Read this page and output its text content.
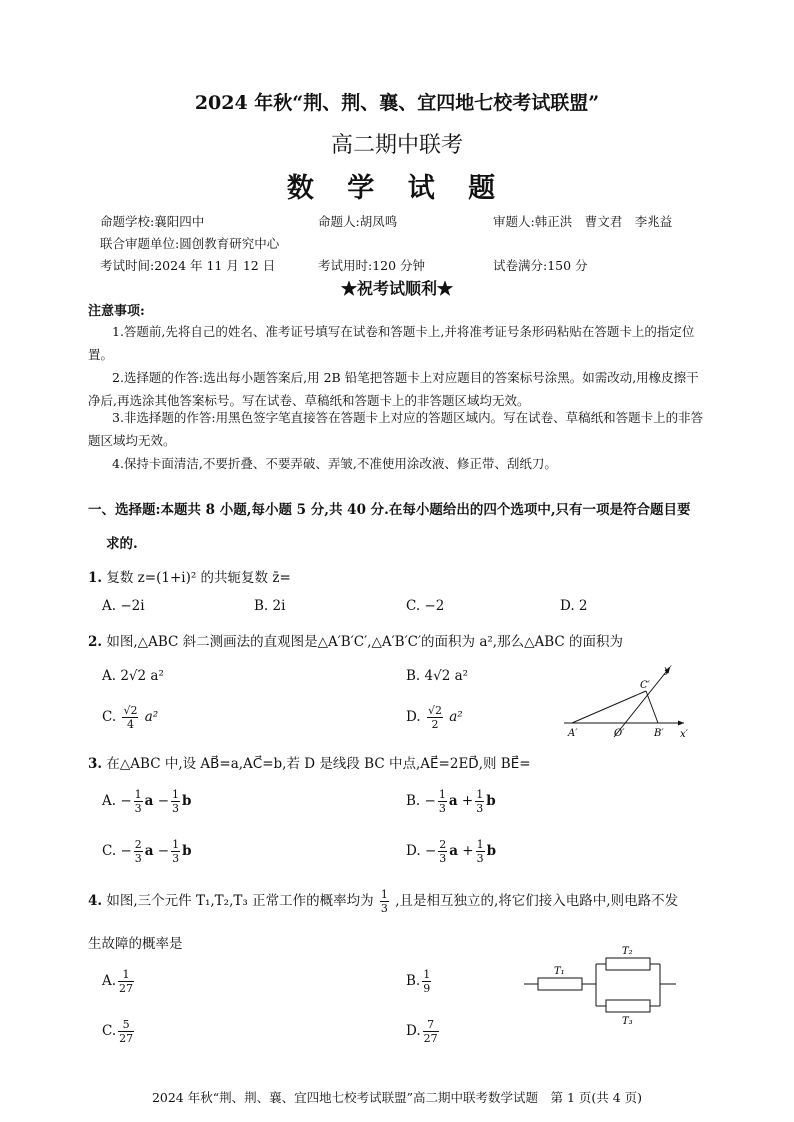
2024 年秋“荆、荆、襄、宜四地七校考试联盟”
高二期中联考
数 学 试 题
命题学校:襄阳四中	命题人:胡凤鸣	审题人:韩正洪　曹文君　李兆益
联合审题单位:圆创教育研究中心
考试时间:2024 年 11 月 12 日	考试用时:120 分钟	试卷满分:150 分
★祝考试顺利★
注意事项:
1.答题前,先将自己的姓名、准考证号填写在试卷和答题卡上,并将准考证号条形码粘贴在答题卡上的指定位置。
2.选择题的作答:选出每小题答案后,用 2B 铅笔把答题卡上对应题目的答案标号涂黑。如需改动,用橡皮擦干净后,再选涂其他答案标号。写在试卷、草稿纸和答题卡上的非答题区域均无效。
3.非选择题的作答:用黑色签字笔直接答在答题卡上对应的答题区域内。写在试卷、草稿纸和答题卡上的非答题区域均无效。
4.保持卡面清洁,不要折叠、不要弄破、弄皱,不准使用涂改液、修正带、刮纸刀。
一、选择题:本题共 8 小题,每小题 5 分,共 40 分.在每小题给出的四个选项中,只有一项是符合题目要
求的.
1. 复数 z=(1+i)² 的共轭复数 z̄=
A. −2i	B. 2i	C. −2	D. 2
2. 如图,△ABC 斜二测画法的直观图是△A′B′C′,△A′B′C′的面积为 a²,那么△ABC 的面积为
A. 2√2 a²	B. 4√2 a²
C. $\frac{√2}{4} a^2$	D. $\frac{√2}{2} a^2$
y′
x′
A′	O′	B′
C′
3. 在△ABC 中,设 AB⃗=a,AC⃗=b,若 D 是线段 BC 中点,AE⃗=2ED⃗,则 BE⃗=
A. − $\frac{1}{3}$ $a - \frac{1}{3}$ b	B. − $\frac{1}{3}$ $a + \frac{1}{3}$ b
C. − $\frac{2}{3}$ $a - \frac{1}{3}$ b	D. − $\frac{2}{3}$ $a + \frac{1}{3}$ b
4. 如图,三个元件 T₁,T₂,T₃ 正常工作的概率均为 $\frac{1}{3}$ ,且是相互独立的,将它们接入电路中,则电路不发
生故障的概率是
A. $\frac{1}{27}$	B. $\frac{1}{9}$
C. $\frac{5}{27}$	D. $\frac{7}{27}$
T₁
T₂
T₃
2024 年秋“荆、荆、襄、宜四地七校考试联盟”高二期中联考数学试题　第 1 页(共 4 页)
